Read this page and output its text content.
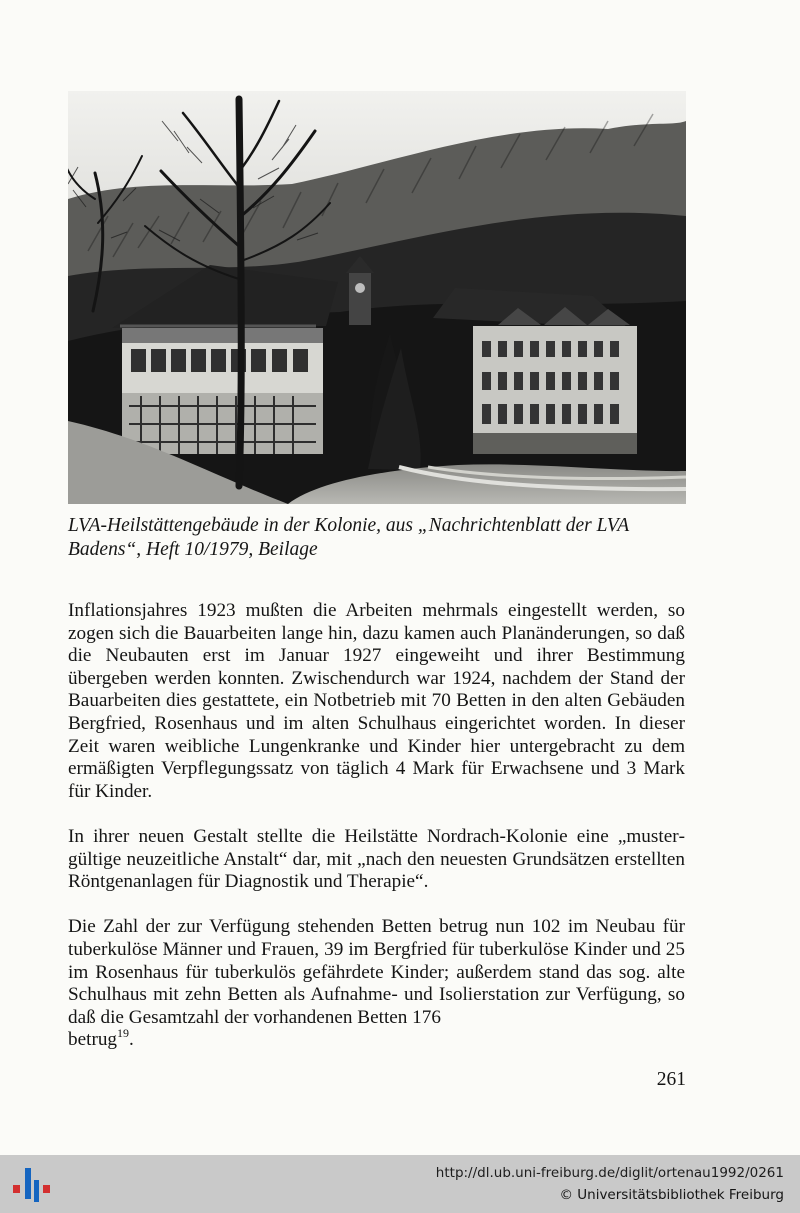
LVA-Heilstättengebäude in der Kolonie, aus „Nachrichtenblatt der LVA
Badens“, Heft 10/1979, Beilage

Inflationsjahres 1923 mußten die Arbeiten mehrmals eingestellt werden, so zogen sich die Bauarbeiten lange hin, dazu kamen auch Planänderungen, so daß die Neubauten erst im Januar 1927 eingeweiht und ihrer Bestimmung übergeben werden konnten. Zwischendurch war 1924, nachdem der Stand der Bauarbeiten dies gestattete, ein Notbetrieb mit 70 Betten in den alten Gebäuden Bergfried, Rosenhaus und im alten Schulhaus eingerichtet worden. In dieser Zeit waren weibliche Lungenkranke und Kinder hier untergebracht zu dem ermäßigten Verpflegungssatz von täglich 4 Mark für Erwachsene und 3 Mark für Kinder.

In ihrer neuen Gestalt stellte die Heilstätte Nordrach-Kolonie eine „mustergültige neuzeitliche Anstalt“ dar, mit „nach den neuesten Grundsätzen erstellten Röntgenanlagen für Diagnostik und Therapie“.

Die Zahl der zur Verfügung stehenden Betten betrug nun 102 im Neubau für tuberkulöse Männer und Frauen, 39 im Bergfried für tuberkulöse Kinder und 25 im Rosenhaus für tuberkulös gefährdete Kinder; außerdem stand das sog. alte Schulhaus mit zehn Betten als Aufnahme- und Isolierstation zur Verfügung, so daß die Gesamtzahl der vorhandenen Betten 176
betrug$^{19}$.

261
http://dl.ub.uni-freiburg.de/diglit/ortenau1992/0261
© Universitätsbibliothek Freiburg
